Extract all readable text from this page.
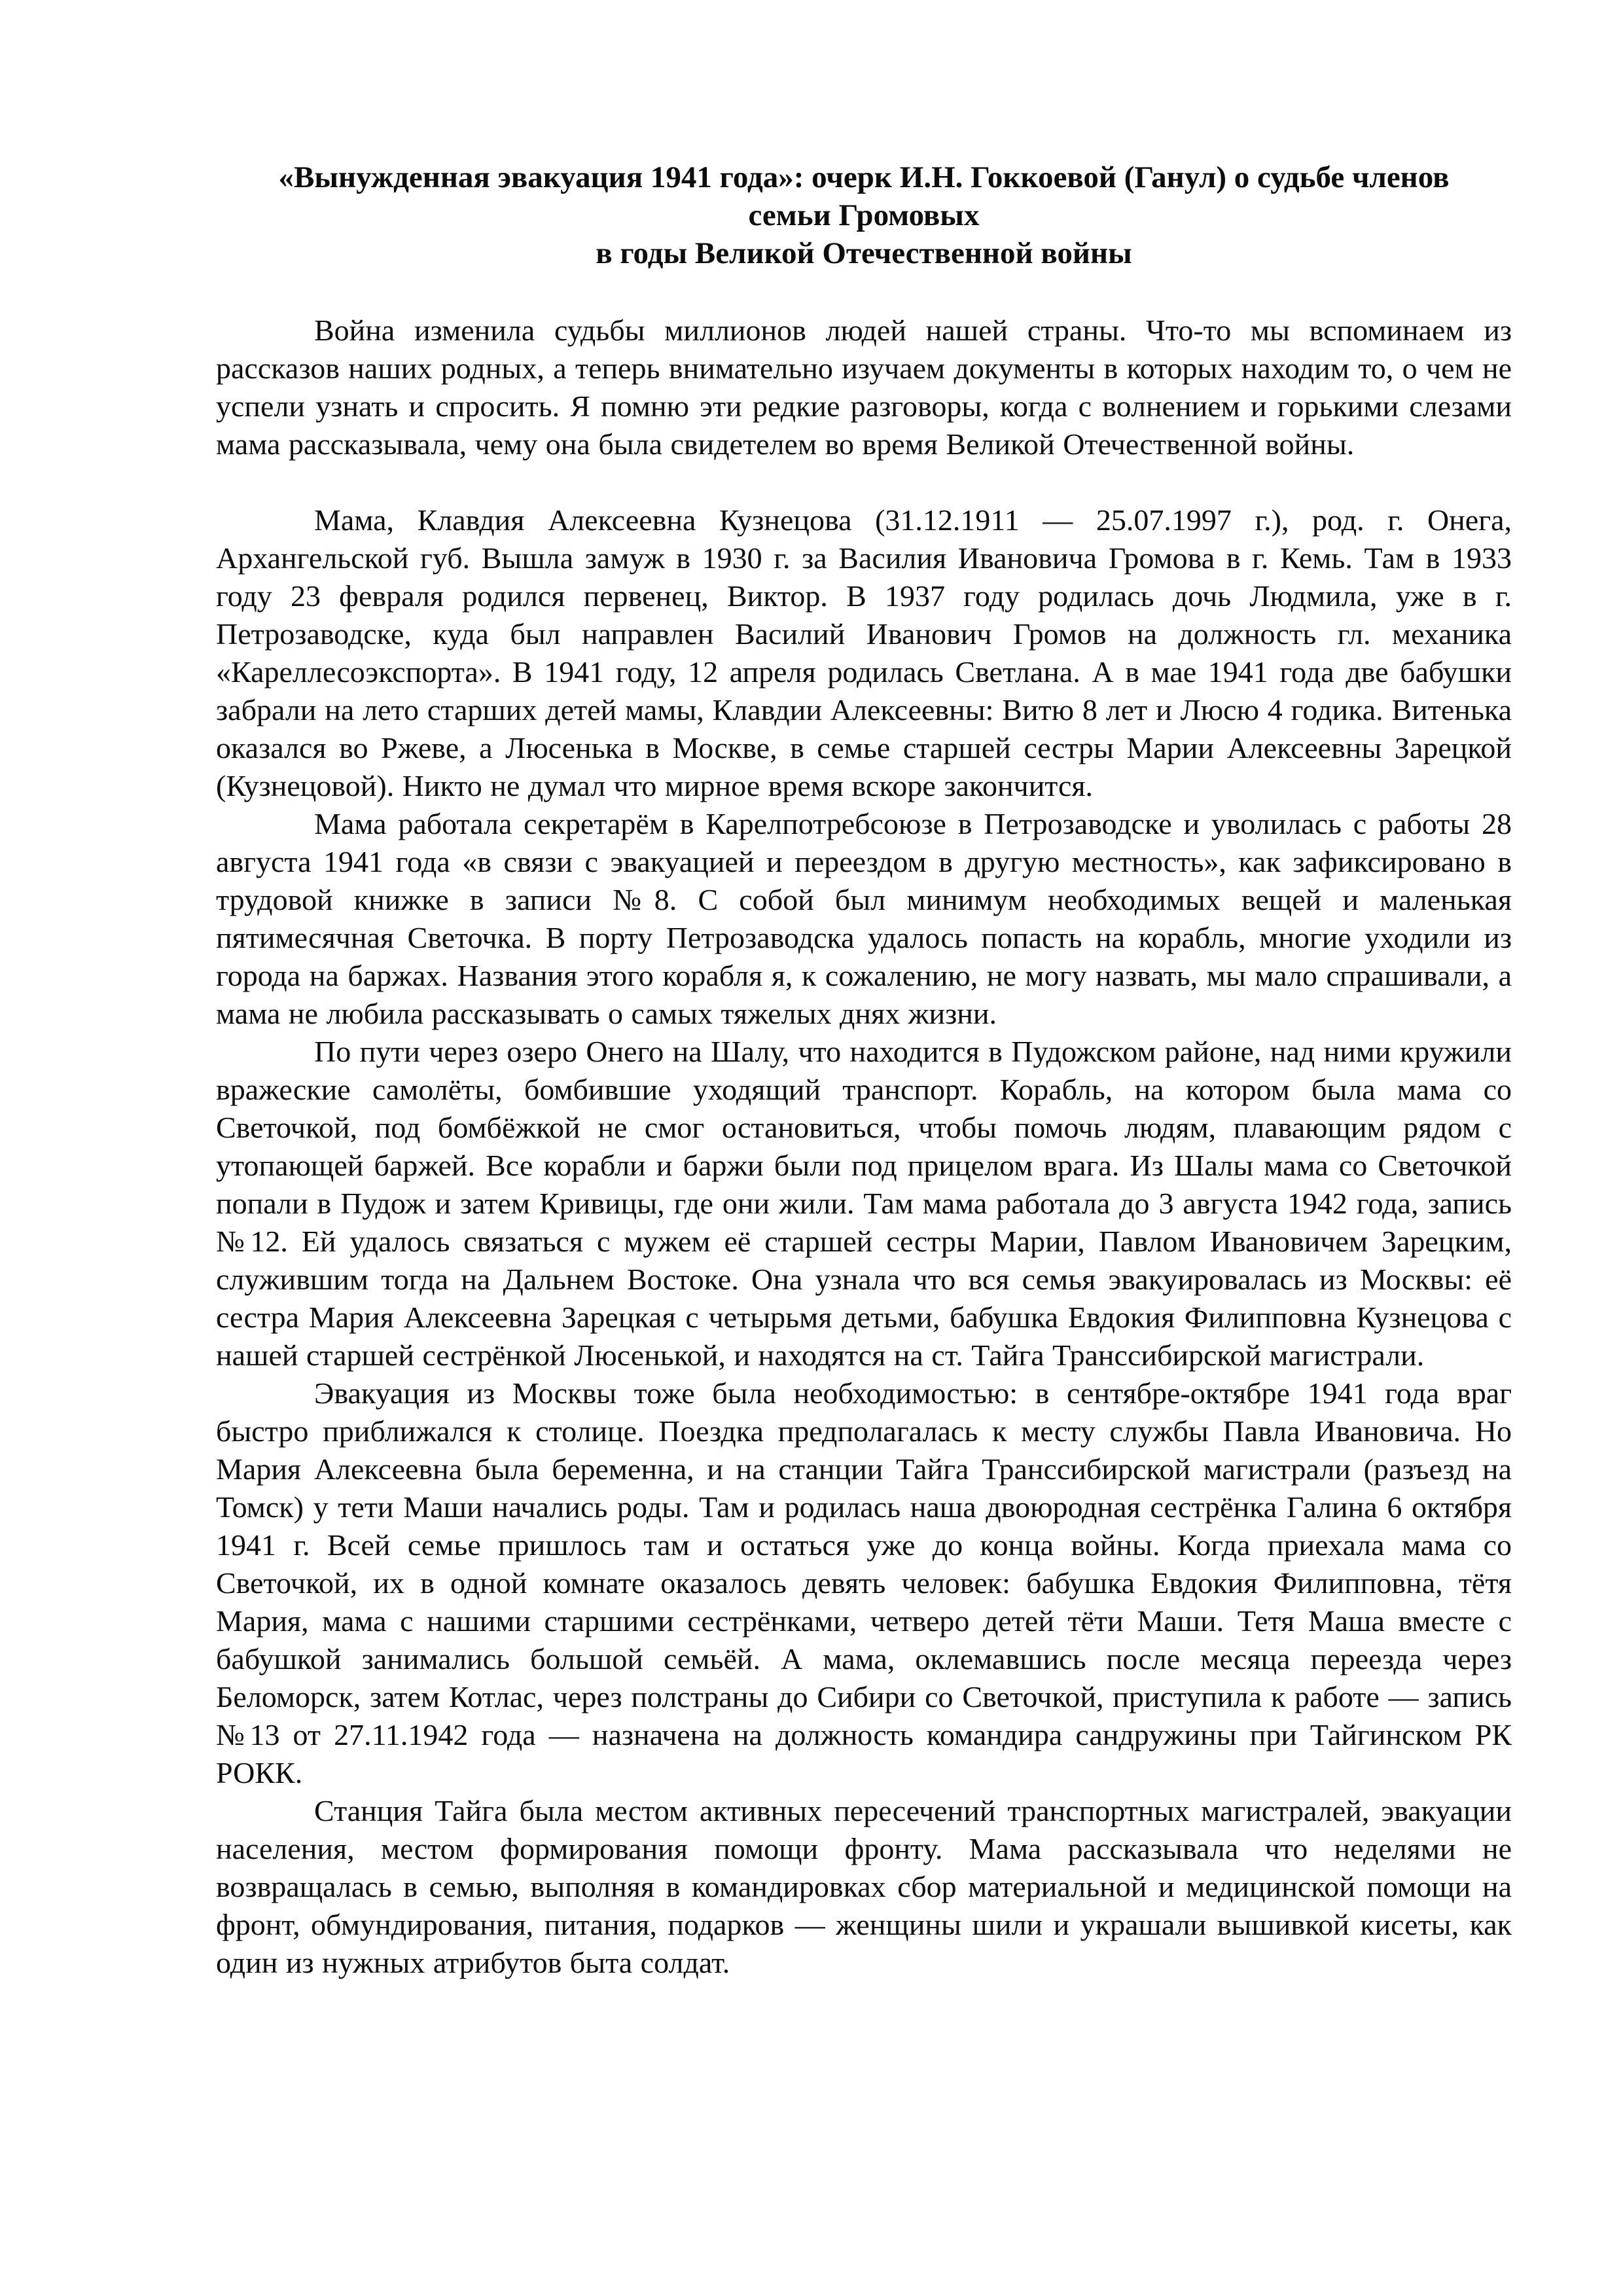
«Вынужденная эвакуация 1941 года»: очерк И.Н. Гоккоевой (Ганул) о судьбе членов
семьи Громовых
в годы Великой Отечественной войны

Война изменила судьбы миллионов людей нашей страны. Что-то мы вспоминаем из рассказов наших родных, а теперь внимательно изучаем документы в которых находим то, о чем не успели узнать и спросить. Я помню эти редкие разговоры, когда с волнением и горькими слезами мама рассказывала, чему она была свидетелем во время Великой Отечественной войны.

Мама, Клавдия Алексеевна Кузнецова (31.12.1911 — 25.07.1997 г.), род. г. Онега, Архангельской губ. Вышла замуж в 1930 г. за Василия Ивановича Громова в г. Кемь. Там в 1933 году 23 февраля родился первенец, Виктор. В 1937 году родилась дочь Людмила, уже в г. Петрозаводске, куда был направлен Василий Иванович Громов на должность гл. механика «Кареллесоэкспорта». В 1941 году, 12 апреля родилась Светлана. А в мае 1941 года две бабушки забрали на лето старших детей мамы, Клавдии Алексеевны: Витю 8 лет и Люсю 4 годика. Витенька оказался во Ржеве, а Люсенька в Москве, в семье старшей сестры Марии Алексеевны Зарецкой (Кузнецовой). Никто не думал что мирное время вскоре закончится.

Мама работала секретарём в Карелпотребсоюзе в Петрозаводске и уволилась с работы 28 августа 1941 года «в связи с эвакуацией и переездом в другую местность», как зафиксировано в трудовой книжке в записи №8. С собой был минимум необходимых вещей и маленькая пятимесячная Светочка. В порту Петрозаводска удалось попасть на корабль, многие уходили из города на баржах. Названия этого корабля я, к сожалению, не могу назвать, мы мало спрашивали, а мама не любила рассказывать о самых тяжелых днях жизни.

По пути через озеро Онего на Шалу, что находится в Пудожском районе, над ними кружили вражеские самолёты, бомбившие уходящий транспорт. Корабль, на котором была мама со Светочкой, под бомбёжкой не смог остановиться, чтобы помочь людям, плавающим рядом с утопающей баржей. Все корабли и баржи были под прицелом врага. Из Шалы мама со Светочкой попали в Пудож и затем Кривицы, где они жили. Там мама работала до 3 августа 1942 года, запись №12. Ей удалось связаться с мужем её старшей сестры Марии, Павлом Ивановичем Зарецким, служившим тогда на Дальнем Востоке. Она узнала что вся семья эвакуировалась из Москвы: её сестра Мария Алексеевна Зарецкая с четырьмя детьми, бабушка Евдокия Филипповна Кузнецова с нашей старшей сестрёнкой Люсенькой, и находятся на ст. Тайга Транссибирской магистрали.

Эвакуация из Москвы тоже была необходимостью: в сентябре-октябре 1941 года враг быстро приближался к столице. Поездка предполагалась к месту службы Павла Ивановича. Но Мария Алексеевна была беременна, и на станции Тайга Транссибирской магистрали (разъезд на Томск) у тети Маши начались роды. Там и родилась наша двоюродная сестрёнка Галина 6 октября 1941 г. Всей семье пришлось там и остаться уже до конца войны. Когда приехала мама со Светочкой, их в одной комнате оказалось девять человек: бабушка Евдокия Филипповна, тётя Мария, мама с нашими старшими сестрёнками, четверо детей тёти Маши. Тетя Маша вместе с бабушкой занимались большой семьёй. А мама, оклемавшись после месяца переезда через Беломорск, затем Котлас, через полстраны до Сибири со Светочкой, приступила к работе — запись №13 от 27.11.1942 года — назначена на должность командира сандружины при Тайгинском РК РОКК.

Станция Тайга была местом активных пересечений транспортных магистралей, эвакуации населения, местом формирования помощи фронту. Мама рассказывала что неделями не возвращалась в семью, выполняя в командировках сбор материальной и медицинской помощи на фронт, обмундирования, питания, подарков — женщины шили и украшали вышивкой кисеты, как один из нужных атрибутов быта солдат.
